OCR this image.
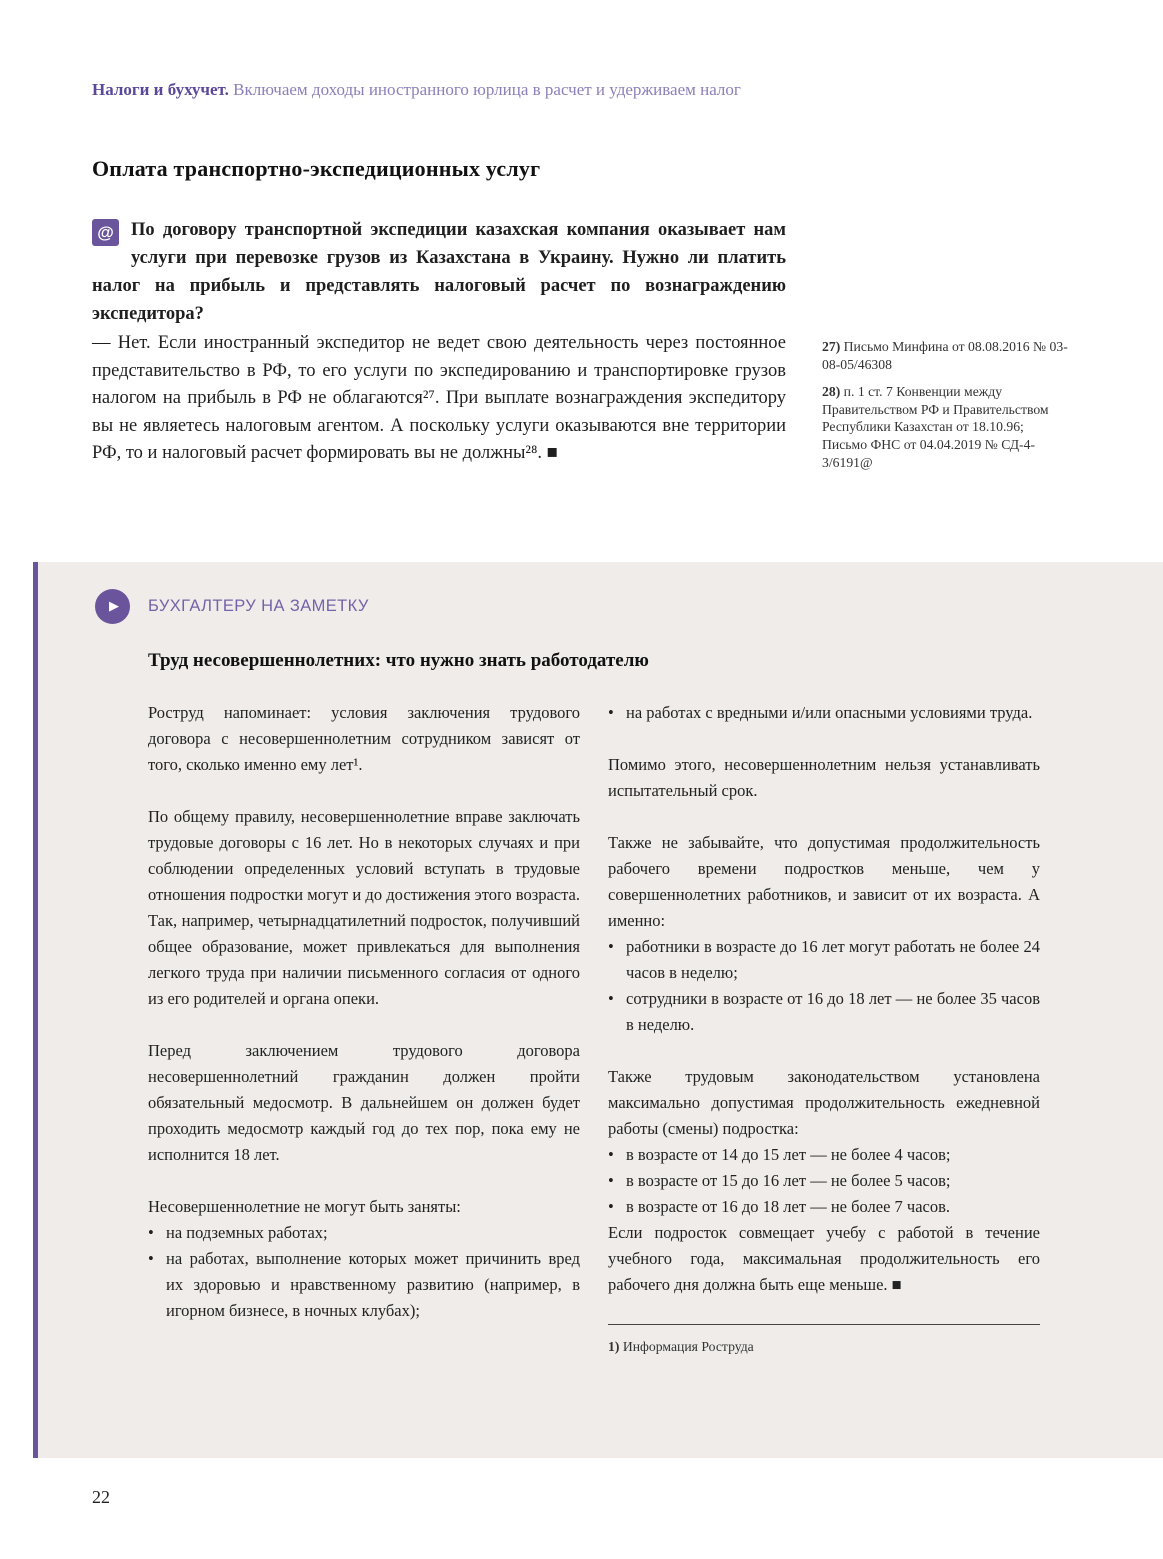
Налоги и бухучет. Включаем доходы иностранного юрлица в расчет и удерживаем налог
Оплата транспортно-экспедиционных услуг
@ По договору транспортной экспедиции казахская компания оказывает нам услуги при перевозке грузов из Казахстана в Украину. Нужно ли платить налог на прибыль и представлять налоговый расчет по вознаграждению экспедитора?

— Нет. Если иностранный экспедитор не ведет свою деятельность через постоянное представительство в РФ, то его услуги по экспедированию и транспортировке грузов налогом на прибыль в РФ не облагаются²⁷. При выплате вознаграждения экспедитору вы не являетесь налоговым агентом. А поскольку услуги оказываются вне территории РФ, то и налоговый расчет формировать вы не должны²⁸. ■

27) Письмо Минфина от 08.08.2016 № 03-08-05/46308
28) п. 1 ст. 7 Конвенции между Правительством РФ и Правительством Республики Казахстан от 18.10.96; Письмо ФНС от 04.04.2019 № СД-4-3/6191@
▶	БУХГАЛТЕРУ НА ЗАМЕТКУ
Труд несовершеннолетних: что нужно знать работодателю
Роструд напоминает: условия заключения трудового договора с несовершеннолетним сотрудником зависят от того, сколько именно ему лет¹.
По общему правилу, несовершеннолетние вправе заключать трудовые договоры с 16 лет. Но в некоторых случаях и при соблюдении определенных условий вступать в трудовые отношения подростки могут и до достижения этого возраста. Так, например, четырнадцатилетний подросток, получивший общее образование, может привлекаться для выполнения легкого труда при наличии письменного согласия от одного из его родителей и органа опеки.
Перед заключением трудового договора несовершеннолетний гражданин должен пройти обязательный медосмотр. В дальнейшем он должен будет проходить медосмотр каждый год до тех пор, пока ему не исполнится 18 лет.
Несовершеннолетние не могут быть заняты:
• на подземных работах;
• на работах, выполнение которых может причинить вред их здоровью и нравственному развитию (например, в игорном бизнесе, в ночных клубах);
• на работах с вредными и/или опасными условиями труда.
Помимо этого, несовершеннолетним нельзя устанавливать испытательный срок.
Также не забывайте, что допустимая продолжительность рабочего времени подростков меньше, чем у совершеннолетних работников, и зависит от их возраста. А именно:
• работники в возрасте до 16 лет могут работать не более 24 часов в неделю;
• сотрудники в возрасте от 16 до 18 лет — не более 35 часов в неделю.
Также трудовым законодательством установлена максимально допустимая продолжительность ежедневной работы (смены) подростка:
• в возрасте от 14 до 15 лет — не более 4 часов;
• в возрасте от 15 до 16 лет — не более 5 часов;
• в возрасте от 16 до 18 лет — не более 7 часов.
Если подросток совмещает учебу с работой в течение учебного года, максимальная продолжительность его рабочего дня должна быть еще меньше. ■
1) Информация Роструда
22
